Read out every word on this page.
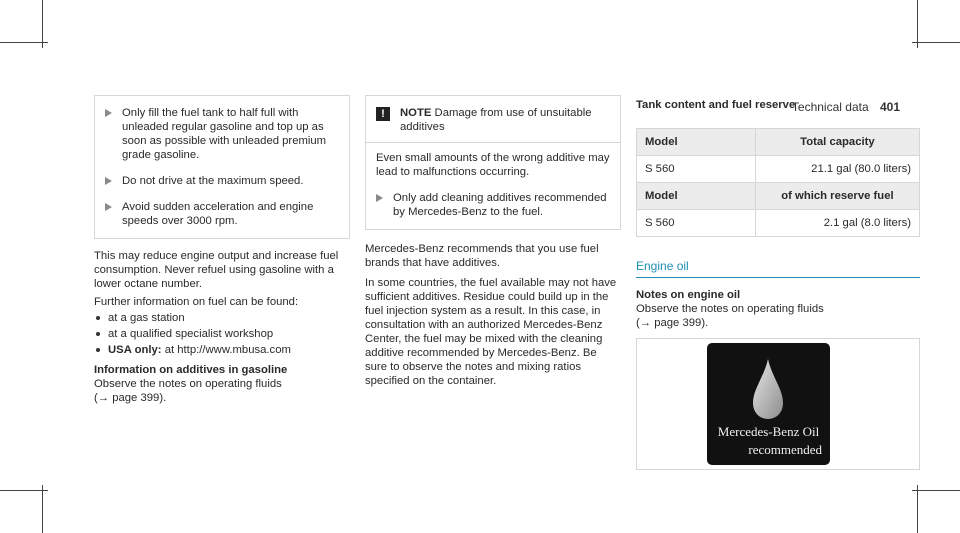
Technical data 401
Only fill the fuel tank to half full with unleaded regular gasoline and top up as soon as possible with unleaded premium grade gasoline.
Do not drive at the maximum speed.
Avoid sudden acceleration and engine speeds over 3000 rpm.

This may reduce engine output and increase fuel consumption. Never refuel using gasoline with a lower octane number.

Further information on fuel can be found:

at a gas station
at a qualified specialist workshop
USA only: at http://www.mbusa.com

Information on additives in gasoline

Observe the notes on operating fluids

(→ page 399).

!	NOTE Damage from use of unsuitable additives

Even small amounts of the wrong additive may lead to malfunctions occurring.

Only add cleaning additives recommended by Mercedes-Benz to the fuel.

Mercedes-Benz recommends that you use fuel brands that have additives.

In some countries, the fuel available may not have sufficient additives. Residue could build up in the fuel injection system as a result. In this case, in consultation with an authorized Mercedes-Benz Center, the fuel may be mixed with the cleaning additive recommended by Mercedes-Benz. Be sure to observe the notes and mixing ratios specified on the container.

Tank content and fuel reserve

Model	Total capacity
S 560	21.1 gal (80.0 liters)
Model	of which reserve fuel
S 560	2.1 gal (8.0 liters)
Engine oil

Notes on engine oil

Observe the notes on operating fluids

(→ page 399).

Mercedes-Benz Oil
recommended
